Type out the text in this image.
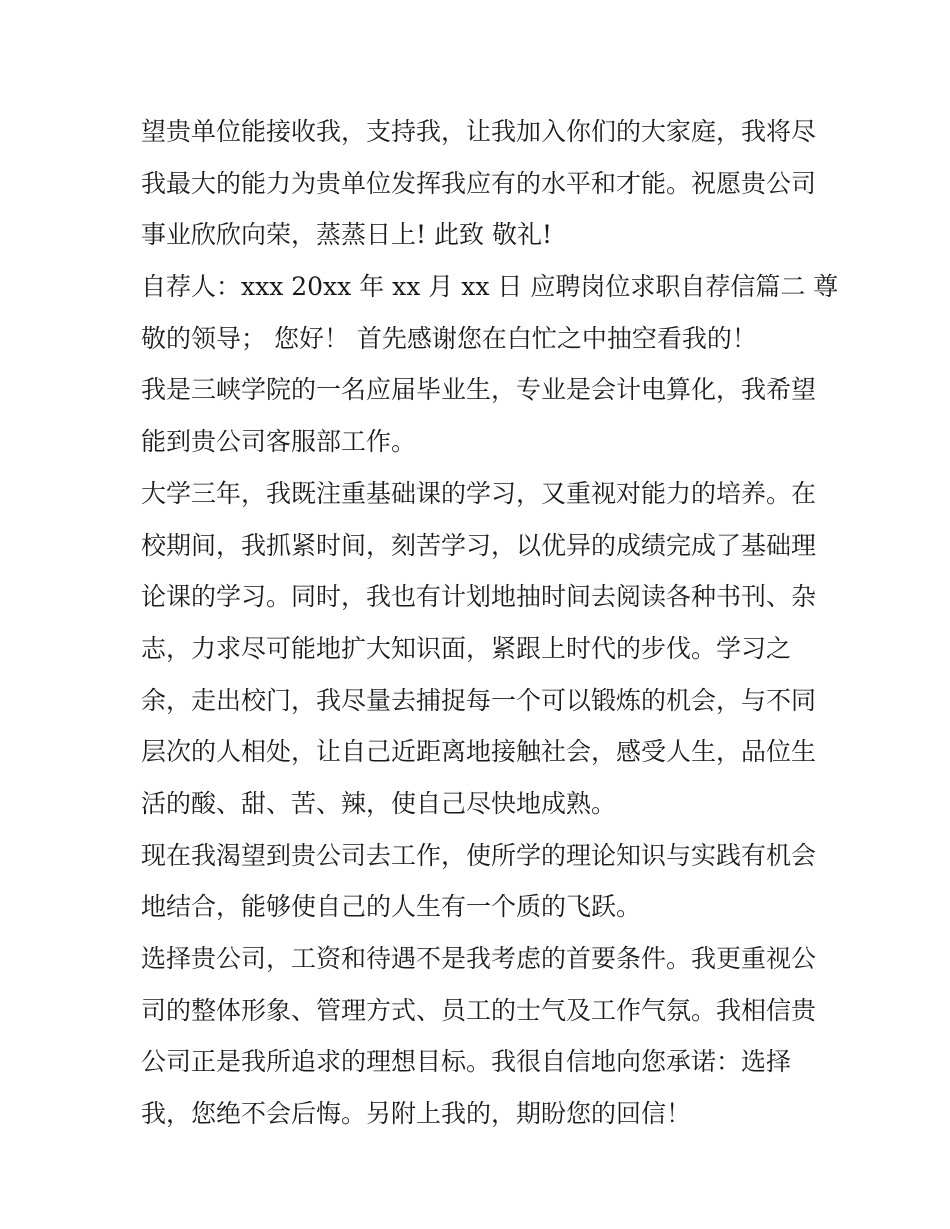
望贵单位能接收我，支持我，让我加入你们的大家庭，我将尽
我最大的能力为贵单位发挥我应有的水平和才能。祝愿贵公司
事业欣欣向荣，蒸蒸日上! 此致 敬礼!

自荐人：xxx 20xx 年 xx 月 xx 日 应聘岗位求职自荐信篇二 尊
敬的领导； 您好！ 首先感谢您在白忙之中抽空看我的！

我是三峡学院的一名应届毕业生，专业是会计电算化，我希望
能到贵公司客服部工作。

大学三年，我既注重基础课的学习，又重视对能力的培养。在
校期间，我抓紧时间，刻苦学习，以优异的成绩完成了基础理
论课的学习。同时，我也有计划地抽时间去阅读各种书刊、杂
志，力求尽可能地扩大知识面，紧跟上时代的步伐。学习之
余，走出校门，我尽量去捕捉每一个可以锻炼的机会，与不同
层次的人相处，让自己近距离地接触社会，感受人生，品位生
活的酸、甜、苦、辣，使自己尽快地成熟。

现在我渴望到贵公司去工作，使所学的理论知识与实践有机会
地结合，能够使自己的人生有一个质的飞跃。

选择贵公司，工资和待遇不是我考虑的首要条件。我更重视公
司的整体形象、管理方式、员工的士气及工作气氛。我相信贵
公司正是我所追求的理想目标。我很自信地向您承诺：选择
我，您绝不会后悔。另附上我的，期盼您的回信！
